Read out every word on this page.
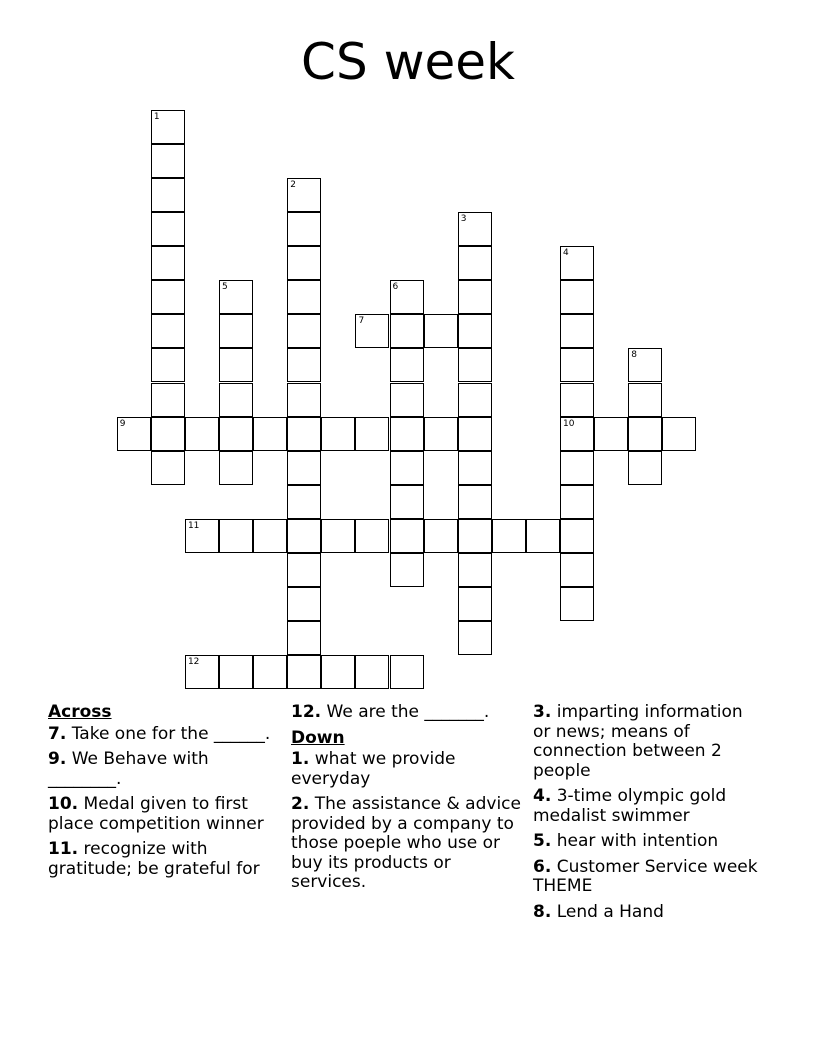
CS week
1
2
3
4
10
5	6
7
8
9
11
12
Across
7. Take one for the ______.
9. We Behave with ________.
10. Medal given to first place competition winner
11. recognize with gratitude; be grateful for
12. We are the _______.
Down
1. what we provide everyday
2. The assistance & advice provided by a company to those poeple who use or buy its products or services.
3. imparting information or news; means of connection between 2 people
4. 3-time olympic gold medalist swimmer
5. hear with intention
6. Customer Service week THEME
8. Lend a Hand
